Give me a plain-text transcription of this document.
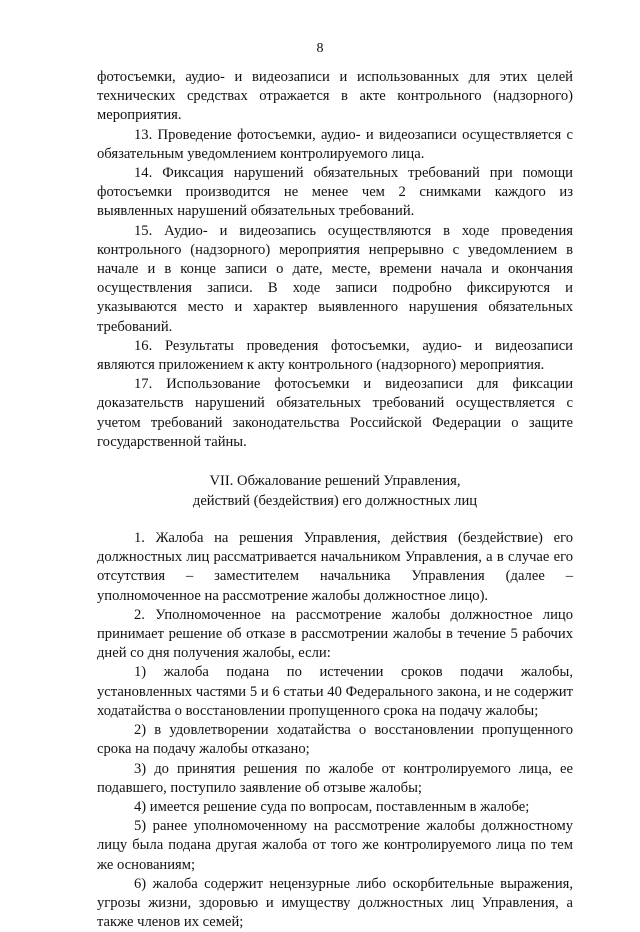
8

фотосъемки, аудио- и видеозаписи и использованных для этих целей технических средствах отражается в акте контрольного (надзорного) мероприятия.

13. Проведение фотосъемки, аудио- и видеозаписи осуществляется с обязательным уведомлением контролируемого лица.

14. Фиксация нарушений обязательных требований при помощи фотосъемки производится не менее чем 2 снимками каждого из выявленных нарушений обязательных требований.

15. Аудио- и видеозапись осуществляются в ходе проведения контрольного (надзорного) мероприятия непрерывно с уведомлением в начале и в конце записи о дате, месте, времени начала и окончания осуществления записи. В ходе записи подробно фиксируются и указываются место и характер выявленного нарушения обязательных требований.

16. Результаты проведения фотосъемки, аудио- и видеозаписи являются приложением к акту контрольного (надзорного) мероприятия.

17. Использование фотосъемки и видеозаписи для фиксации доказательств нарушений обязательных требований осуществляется с учетом требований законодательства Российской Федерации о защите государственной тайны.

VII. Обжалование решений Управления,
действий (бездействия) его должностных лиц

1. Жалоба на решения Управления, действия (бездействие) его должностных лиц рассматривается начальником Управления, а в случае его отсутствия – заместителем начальника Управления (далее – уполномоченное на рассмотрение жалобы должностное лицо).

2. Уполномоченное на рассмотрение жалобы должностное лицо принимает решение об отказе в рассмотрении жалобы в течение 5 рабочих дней со дня получения жалобы, если:

1) жалоба подана по истечении сроков подачи жалобы, установленных частями 5 и 6 статьи 40 Федерального закона, и не содержит ходатайства о восстановлении пропущенного срока на подачу жалобы;

2) в удовлетворении ходатайства о восстановлении пропущенного срока на подачу жалобы отказано;

3) до принятия решения по жалобе от контролируемого лица, ее подавшего, поступило заявление об отзыве жалобы;

4) имеется решение суда по вопросам, поставленным в жалобе;

5) ранее уполномоченному на рассмотрение жалобы должностному лицу была подана другая жалоба от того же контролируемого лица по тем же основаниям;

6) жалоба содержит нецензурные либо оскорбительные выражения, угрозы жизни, здоровью и имуществу должностных лиц Управления, а также членов их семей;
